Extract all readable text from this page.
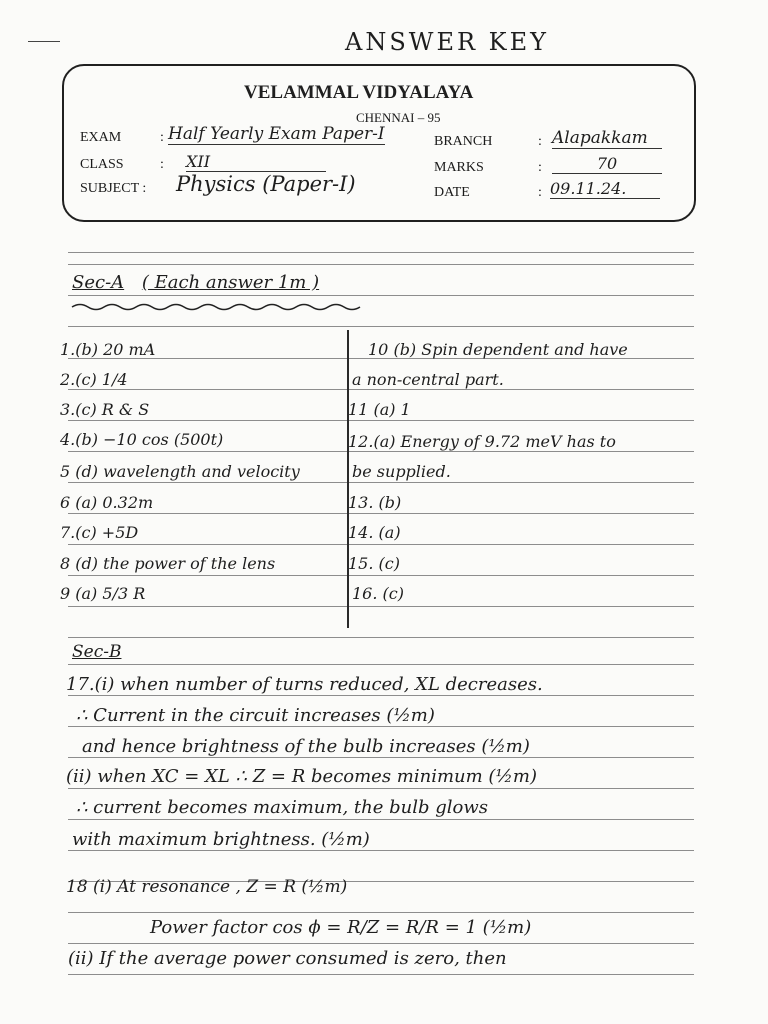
ANSWER KEY
VELAMMAL VIDYALAYA
CHENNAI – 95
EXAM	: Half Yearly Exam Paper-I
CLASS	: XII
SUBJECT : Physics (Paper-I)
BRANCH	: Alapakkam
MARKS	:	70
DATE	: 09.11.24.
Sec-A ( Each answer 1m )
1.(b) 20 mA
2.(c) 1/4
3.(c) R & S
4.(b) −10 cos (500t)
5 (d) wavelength and velocity
6 (a) 0.32m
7.(c) +5D
8 (d) the power of the lens
9 (a) 5/3 R
10 (b) Spin dependent and have
a non-central part.
11 (a) 1
12.(a) Energy of 9.72 meV has to
be supplied.
13. (b)
14. (a)
15. (c)
16. (c)
Sec-B
17.(i) when number of turns reduced, XL decreases.
∴ Current in the circuit increases (½m)
and hence brightness of the bulb increases (½m)
(ii) when XC = XL ∴ Z = R becomes minimum (½m)
∴ current becomes maximum, the bulb glows
with maximum brightness. (½m)
18 (i) At resonance , Z = R (½m)
Power factor cos ϕ = R/Z = R/R = 1 (½m)
(ii) If the average power consumed is zero, then
